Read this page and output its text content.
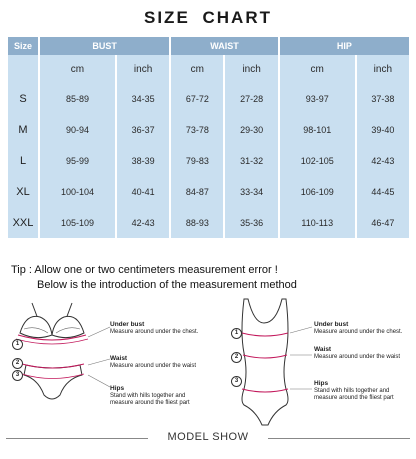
SIZE CHART
Size	BUST		WAIST		HIP	
	cm	inch	cm	inch	cm	inch
S	85-89	34-35	67-72	27-28	93-97	37-38
M	90-94	36-37	73-78	29-30	98-101	39-40
L	95-99	38-39	79-83	31-32	102-105	42-43
XL	100-104	40-41	84-87	33-34	106-109	44-45
XXL	105-109	42-43	88-93	35-36	110-113	46-47
Tip : Allow one or two centimeters measurement error !
Below is the introduction of the measurement method
1
2
3
Under bust
Measure around under the chest.
Waist
Measure around under the waist
Hips
Stand with hills together and
measure around the fliest part
1
2
3
Under bust
Measure around under the chest.
Waist
Measure around under the waist
Hips
Stand with hills together and
measure around the fliest part
MODEL SHOW
